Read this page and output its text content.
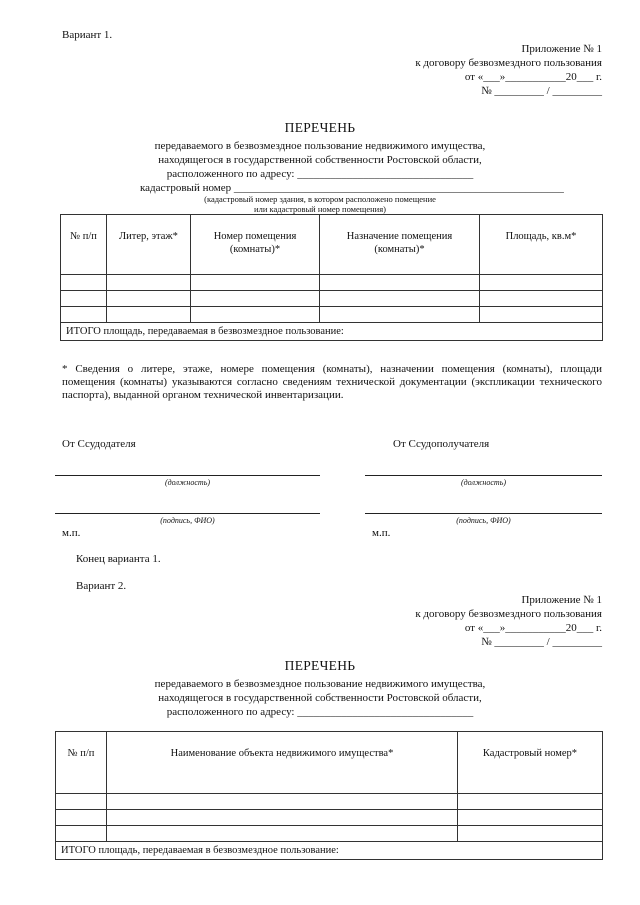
Вариант 1.
Приложение № 1
к договору безвозмездного пользования
от «___»___________20___ г.
№ _________ / _________
ПЕРЕЧЕНЬ
передаваемого в безвозмездное пользование недвижимого имущества,
находящегося в государственной собственности Ростовской области,
расположенного по адресу: ________________________________
кадастровый номер ____________________________________________________________
(кадастровый номер здания, в котором расположено помещение
или кадастровый номер помещения)
№ п/п	Литер, этаж*	Номер помещения (комнаты)*	Назначение помещения (комнаты)*	Площадь, кв.м*

ИТОГО площадь, передаваемая в безвозмездное пользование:				
* Сведения о литере, этаже, номере помещения (комнаты), назначении помещения (комнаты), площади помещения (комнаты) указываются согласно сведениям технической документации (экспликации технического паспорта), выданной органом технической инвентаризации.
От Ссудодателя	От Ссудополучателя
(должность)	(должность)
(подпись, ФИО)	(подпись, ФИО)
м.п.	м.п.
Конец варианта 1.
Вариант 2.
Приложение № 1
к договору безвозмездного пользования
от «___»___________20___ г.
№ _________ / _________
ПЕРЕЧЕНЬ
передаваемого в безвозмездное пользование недвижимого имущества,
находящегося в государственной собственности Ростовской области,
расположенного по адресу: ________________________________
№ п/п	Наименование объекта недвижимого имущества*	Кадастровый номер*

ИТОГО площадь, передаваемая в безвозмездное пользование:		
